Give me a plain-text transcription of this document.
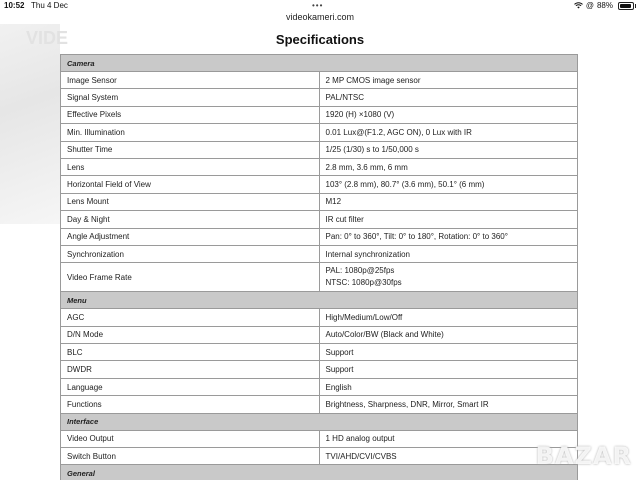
10:52 Thu 4 Dec	•••	@ 88%
videokameri.com
VIDE	Specifications
Camera	
Image Sensor	2 MP CMOS image sensor
Signal System	PAL/NTSC
Effective Pixels	1920 (H) ×1080 (V)
Min. Illumination	0.01 Lux@(F1.2, AGC ON), 0 Lux with IR
Shutter Time	1/25 (1/30) s to 1/50,000 s
Lens	2.8 mm, 3.6 mm, 6 mm
Horizontal Field of View	103° (2.8 mm), 80.7° (3.6 mm), 50.1° (6 mm)
Lens Mount	M12
Day & Night	IR cut filter
Angle Adjustment	Pan: 0° to 360°, Tilt: 0° to 180°, Rotation: 0° to 360°
Synchronization	Internal synchronization
Video Frame Rate	PAL: 1080p@25fps
NTSC: 1080p@30fps

Menu	
AGC	High/Medium/Low/Off
D/N Mode	Auto/Color/BW (Black and White)
BLC	Support
DWDR	Support
Language	English
Functions	Brightness, Sharpness, DNR, Mirror, Smart IR
Interface	
Video Output	1 HD analog output
Switch Button	TVI/AHD/CVI/CVBS
General	
BAZAR
